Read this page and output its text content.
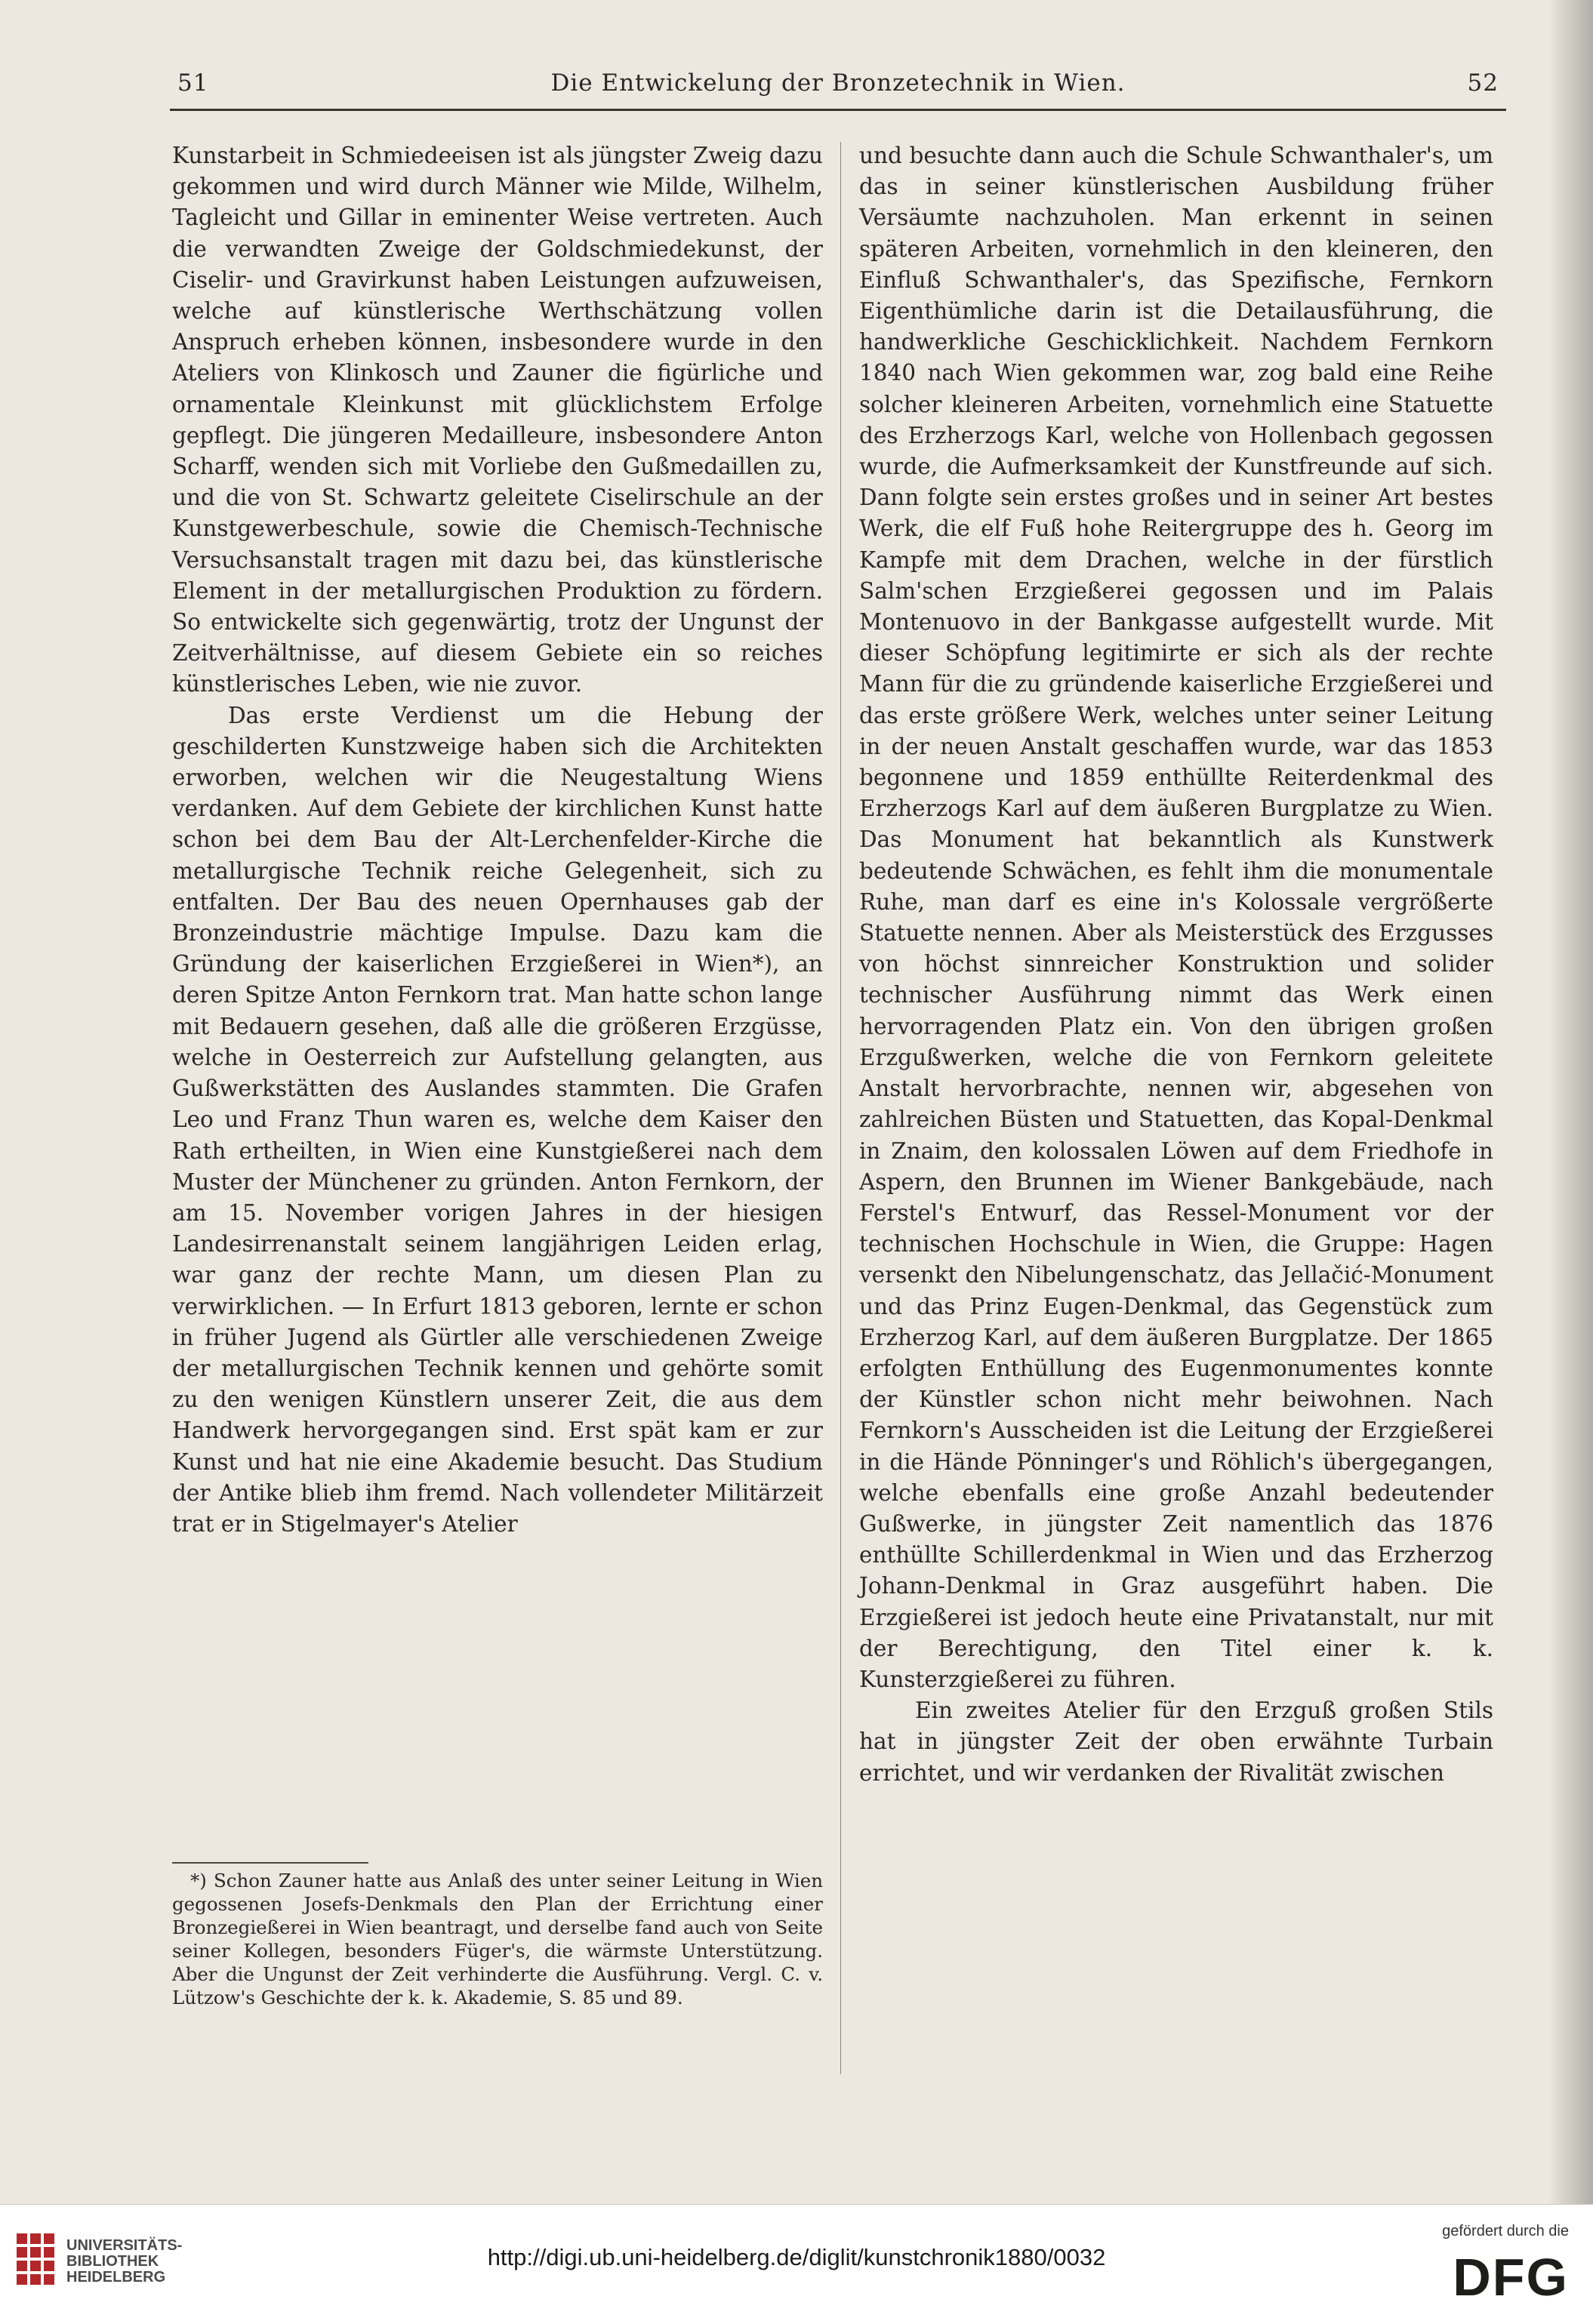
51	Die Entwickelung der Bronzetechnik in Wien.	52

Kunstarbeit in Schmiedeeisen ist als jüngster Zweig dazu gekommen und wird durch Männer wie Milde, Wilhelm, Tagleicht und Gillar in eminenter Weise vertreten. Auch die verwandten Zweige der Goldschmiedekunst, der Ciselir- und Gravirkunst haben Leistungen aufzuweisen, welche auf künstlerische Werthschätzung vollen Anspruch erheben können, insbesondere wurde in den Ateliers von Klinkosch und Zauner die figürliche und ornamentale Kleinkunst mit glücklichstem Erfolge gepflegt. Die jüngeren Medailleure, insbesondere Anton Scharff, wenden sich mit Vorliebe den Gußmedaillen zu, und die von St. Schwartz geleitete Ciselirschule an der Kunstgewerbeschule, sowie die Chemisch-Technische Versuchsanstalt tragen mit dazu bei, das künstlerische Element in der metallurgischen Produktion zu fördern. So entwickelte sich gegenwärtig, trotz der Ungunst der Zeitverhältnisse, auf diesem Gebiete ein so reiches künstlerisches Leben, wie nie zuvor.

Das erste Verdienst um die Hebung der geschilderten Kunstzweige haben sich die Architekten erworben, welchen wir die Neugestaltung Wiens verdanken. Auf dem Gebiete der kirchlichen Kunst hatte schon bei dem Bau der Alt-Lerchenfelder-Kirche die metallurgische Technik reiche Gelegenheit, sich zu entfalten. Der Bau des neuen Opernhauses gab der Bronzeindustrie mächtige Impulse. Dazu kam die Gründung der kaiserlichen Erzgießerei in Wien*), an deren Spitze Anton Fernkorn trat. Man hatte schon lange mit Bedauern gesehen, daß alle die größeren Erzgüsse, welche in Oesterreich zur Aufstellung gelangten, aus Gußwerkstätten des Auslandes stammten. Die Grafen Leo und Franz Thun waren es, welche dem Kaiser den Rath ertheilten, in Wien eine Kunstgießerei nach dem Muster der Münchener zu gründen. Anton Fernkorn, der am 15. November vorigen Jahres in der hiesigen Landesirrenanstalt seinem langjährigen Leiden erlag, war ganz der rechte Mann, um diesen Plan zu verwirklichen. — In Erfurt 1813 geboren, lernte er schon in früher Jugend als Gürtler alle verschiedenen Zweige der metallurgischen Technik kennen und gehörte somit zu den wenigen Künstlern unserer Zeit, die aus dem Handwerk hervorgegangen sind. Erst spät kam er zur Kunst und hat nie eine Akademie besucht. Das Studium der Antike blieb ihm fremd. Nach vollendeter Militärzeit trat er in Stigelmayer's Atelier

und besuchte dann auch die Schule Schwanthaler's, um das in seiner künstlerischen Ausbildung früher Versäumte nachzuholen. Man erkennt in seinen späteren Arbeiten, vornehmlich in den kleineren, den Einfluß Schwanthaler's, das Spezifische, Fernkorn Eigenthümliche darin ist die Detailausführung, die handwerkliche Geschicklichkeit. Nachdem Fernkorn 1840 nach Wien gekommen war, zog bald eine Reihe solcher kleineren Arbeiten, vornehmlich eine Statuette des Erzherzogs Karl, welche von Hollenbach gegossen wurde, die Aufmerksamkeit der Kunstfreunde auf sich. Dann folgte sein erstes großes und in seiner Art bestes Werk, die elf Fuß hohe Reitergruppe des h. Georg im Kampfe mit dem Drachen, welche in der fürstlich Salm'schen Erzgießerei gegossen und im Palais Montenuovo in der Bankgasse aufgestellt wurde. Mit dieser Schöpfung legitimirte er sich als der rechte Mann für die zu gründende kaiserliche Erzgießerei und das erste größere Werk, welches unter seiner Leitung in der neuen Anstalt geschaffen wurde, war das 1853 begonnene und 1859 enthüllte Reiterdenkmal des Erzherzogs Karl auf dem äußeren Burgplatze zu Wien. Das Monument hat bekanntlich als Kunstwerk bedeutende Schwächen, es fehlt ihm die monumentale Ruhe, man darf es eine in's Kolossale vergrößerte Statuette nennen. Aber als Meisterstück des Erzgusses von höchst sinnreicher Konstruktion und solider technischer Ausführung nimmt das Werk einen hervorragenden Platz ein. Von den übrigen großen Erzgußwerken, welche die von Fernkorn geleitete Anstalt hervorbrachte, nennen wir, abgesehen von zahlreichen Büsten und Statuetten, das Kopal-Denkmal in Znaim, den kolossalen Löwen auf dem Friedhofe in Aspern, den Brunnen im Wiener Bankgebäude, nach Ferstel's Entwurf, das Ressel-Monument vor der technischen Hochschule in Wien, die Gruppe: Hagen versenkt den Nibelungenschatz, das Jellačić-Monument und das Prinz Eugen-Denkmal, das Gegenstück zum Erzherzog Karl, auf dem äußeren Burgplatze. Der 1865 erfolgten Enthüllung des Eugenmonumentes konnte der Künstler schon nicht mehr beiwohnen. Nach Fernkorn's Ausscheiden ist die Leitung der Erzgießerei in die Hände Pönninger's und Röhlich's übergegangen, welche ebenfalls eine große Anzahl bedeutender Gußwerke, in jüngster Zeit namentlich das 1876 enthüllte Schillerdenkmal in Wien und das Erzherzog Johann-Denkmal in Graz ausgeführt haben. Die Erzgießerei ist jedoch heute eine Privatanstalt, nur mit der Berechtigung, den Titel einer k. k. Kunsterzgießerei zu führen.

Ein zweites Atelier für den Erzguß großen Stils hat in jüngster Zeit der oben erwähnte Turbain errichtet, und wir verdanken der Rivalität zwischen

*) Schon Zauner hatte aus Anlaß des unter seiner Leitung in Wien gegossenen Josefs-Denkmals den Plan der Errichtung einer Bronzegießerei in Wien beantragt, und derselbe fand auch von Seite seiner Kollegen, besonders Füger's, die wärmste Unterstützung. Aber die Ungunst der Zeit verhinderte die Ausführung. Vergl. C. v. Lützow's Geschichte der k. k. Akademie, S. 85 und 89.

UNIVERSITÄTS-
BIBLIOTHEK
HEIDELBERG
http://digi.ub.uni-heidelberg.de/diglit/kunstchronik1880/0032
gefördert durch die
DFG
